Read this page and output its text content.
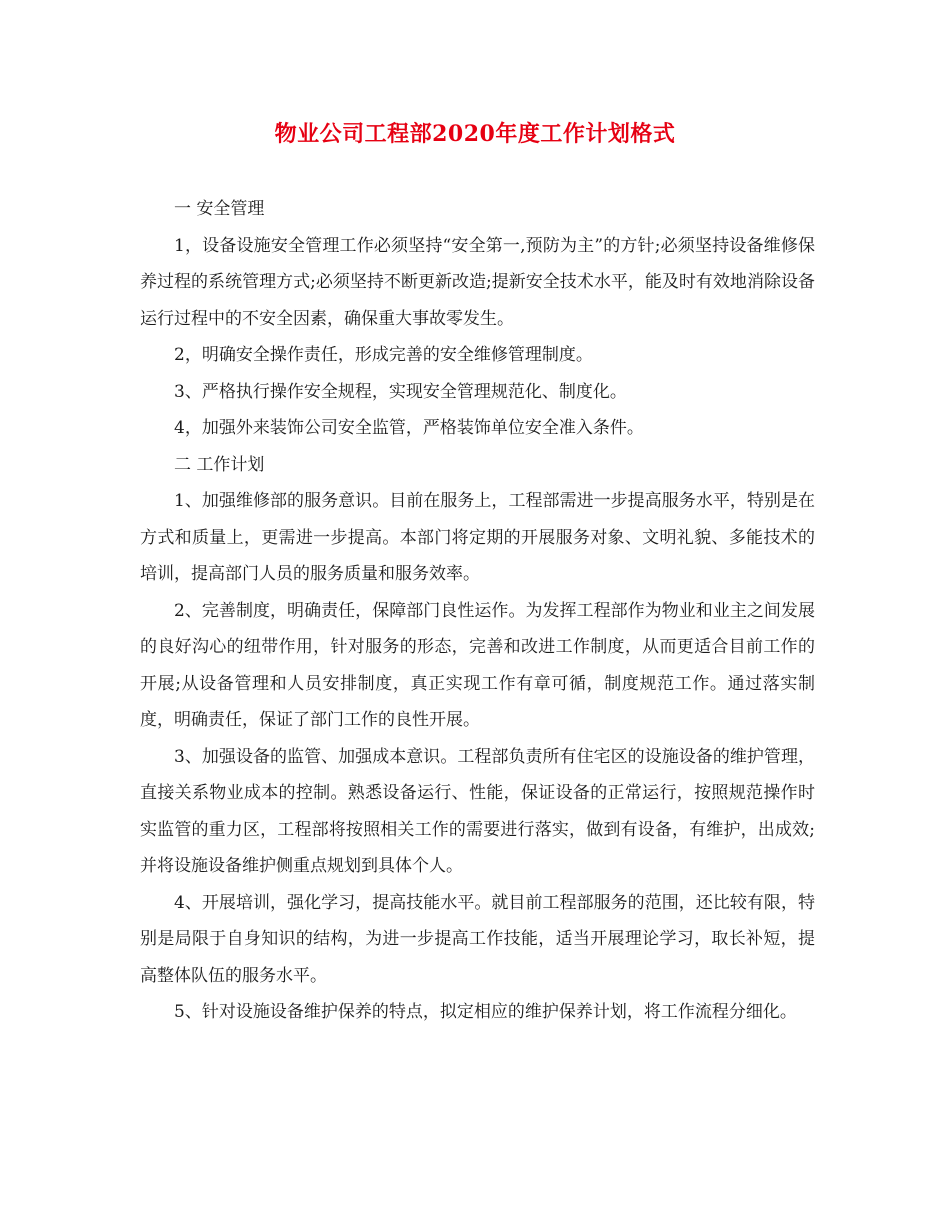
物业公司工程部2020年度工作计划格式

一 安全管理

1，设备设施安全管理工作必须坚持“安全第一,预防为主”的方针;必须坚持设备维修保养过程的系统管理方式;必须坚持不断更新改造;提新安全技术水平，能及时有效地消除设备运行过程中的不安全因素，确保重大事故零发生。

2，明确安全操作责任，形成完善的安全维修管理制度。

3、严格执行操作安全规程，实现安全管理规范化、制度化。

4，加强外来装饰公司安全监管，严格装饰单位安全准入条件。

二 工作计划

1、加强维修部的服务意识。目前在服务上，工程部需进一步提高服务水平，特别是在方式和质量上，更需进一步提高。本部门将定期的开展服务对象、文明礼貌、多能技术的培训，提高部门人员的服务质量和服务效率。

2、完善制度，明确责任，保障部门良性运作。为发挥工程部作为物业和业主之间发展的良好沟心的纽带作用，针对服务的形态，完善和改进工作制度，从而更适合目前工作的开展;从设备管理和人员安排制度，真正实现工作有章可循，制度规范工作。通过落实制度，明确责任，保证了部门工作的良性开展。

3、加强设备的监管、加强成本意识。工程部负责所有住宅区的设施设备的维护管理，直接关系物业成本的控制。熟悉设备运行、性能，保证设备的正常运行，按照规范操作时实监管的重力区，工程部将按照相关工作的需要进行落实，做到有设备，有维护，出成效;并将设施设备维护侧重点规划到具体个人。

4、开展培训，强化学习，提高技能水平。就目前工程部服务的范围，还比较有限，特别是局限于自身知识的结构，为进一步提高工作技能，适当开展理论学习，取长补短，提高整体队伍的服务水平。

5、针对设施设备维护保养的特点，拟定相应的维护保养计划，将工作流程分细化。
